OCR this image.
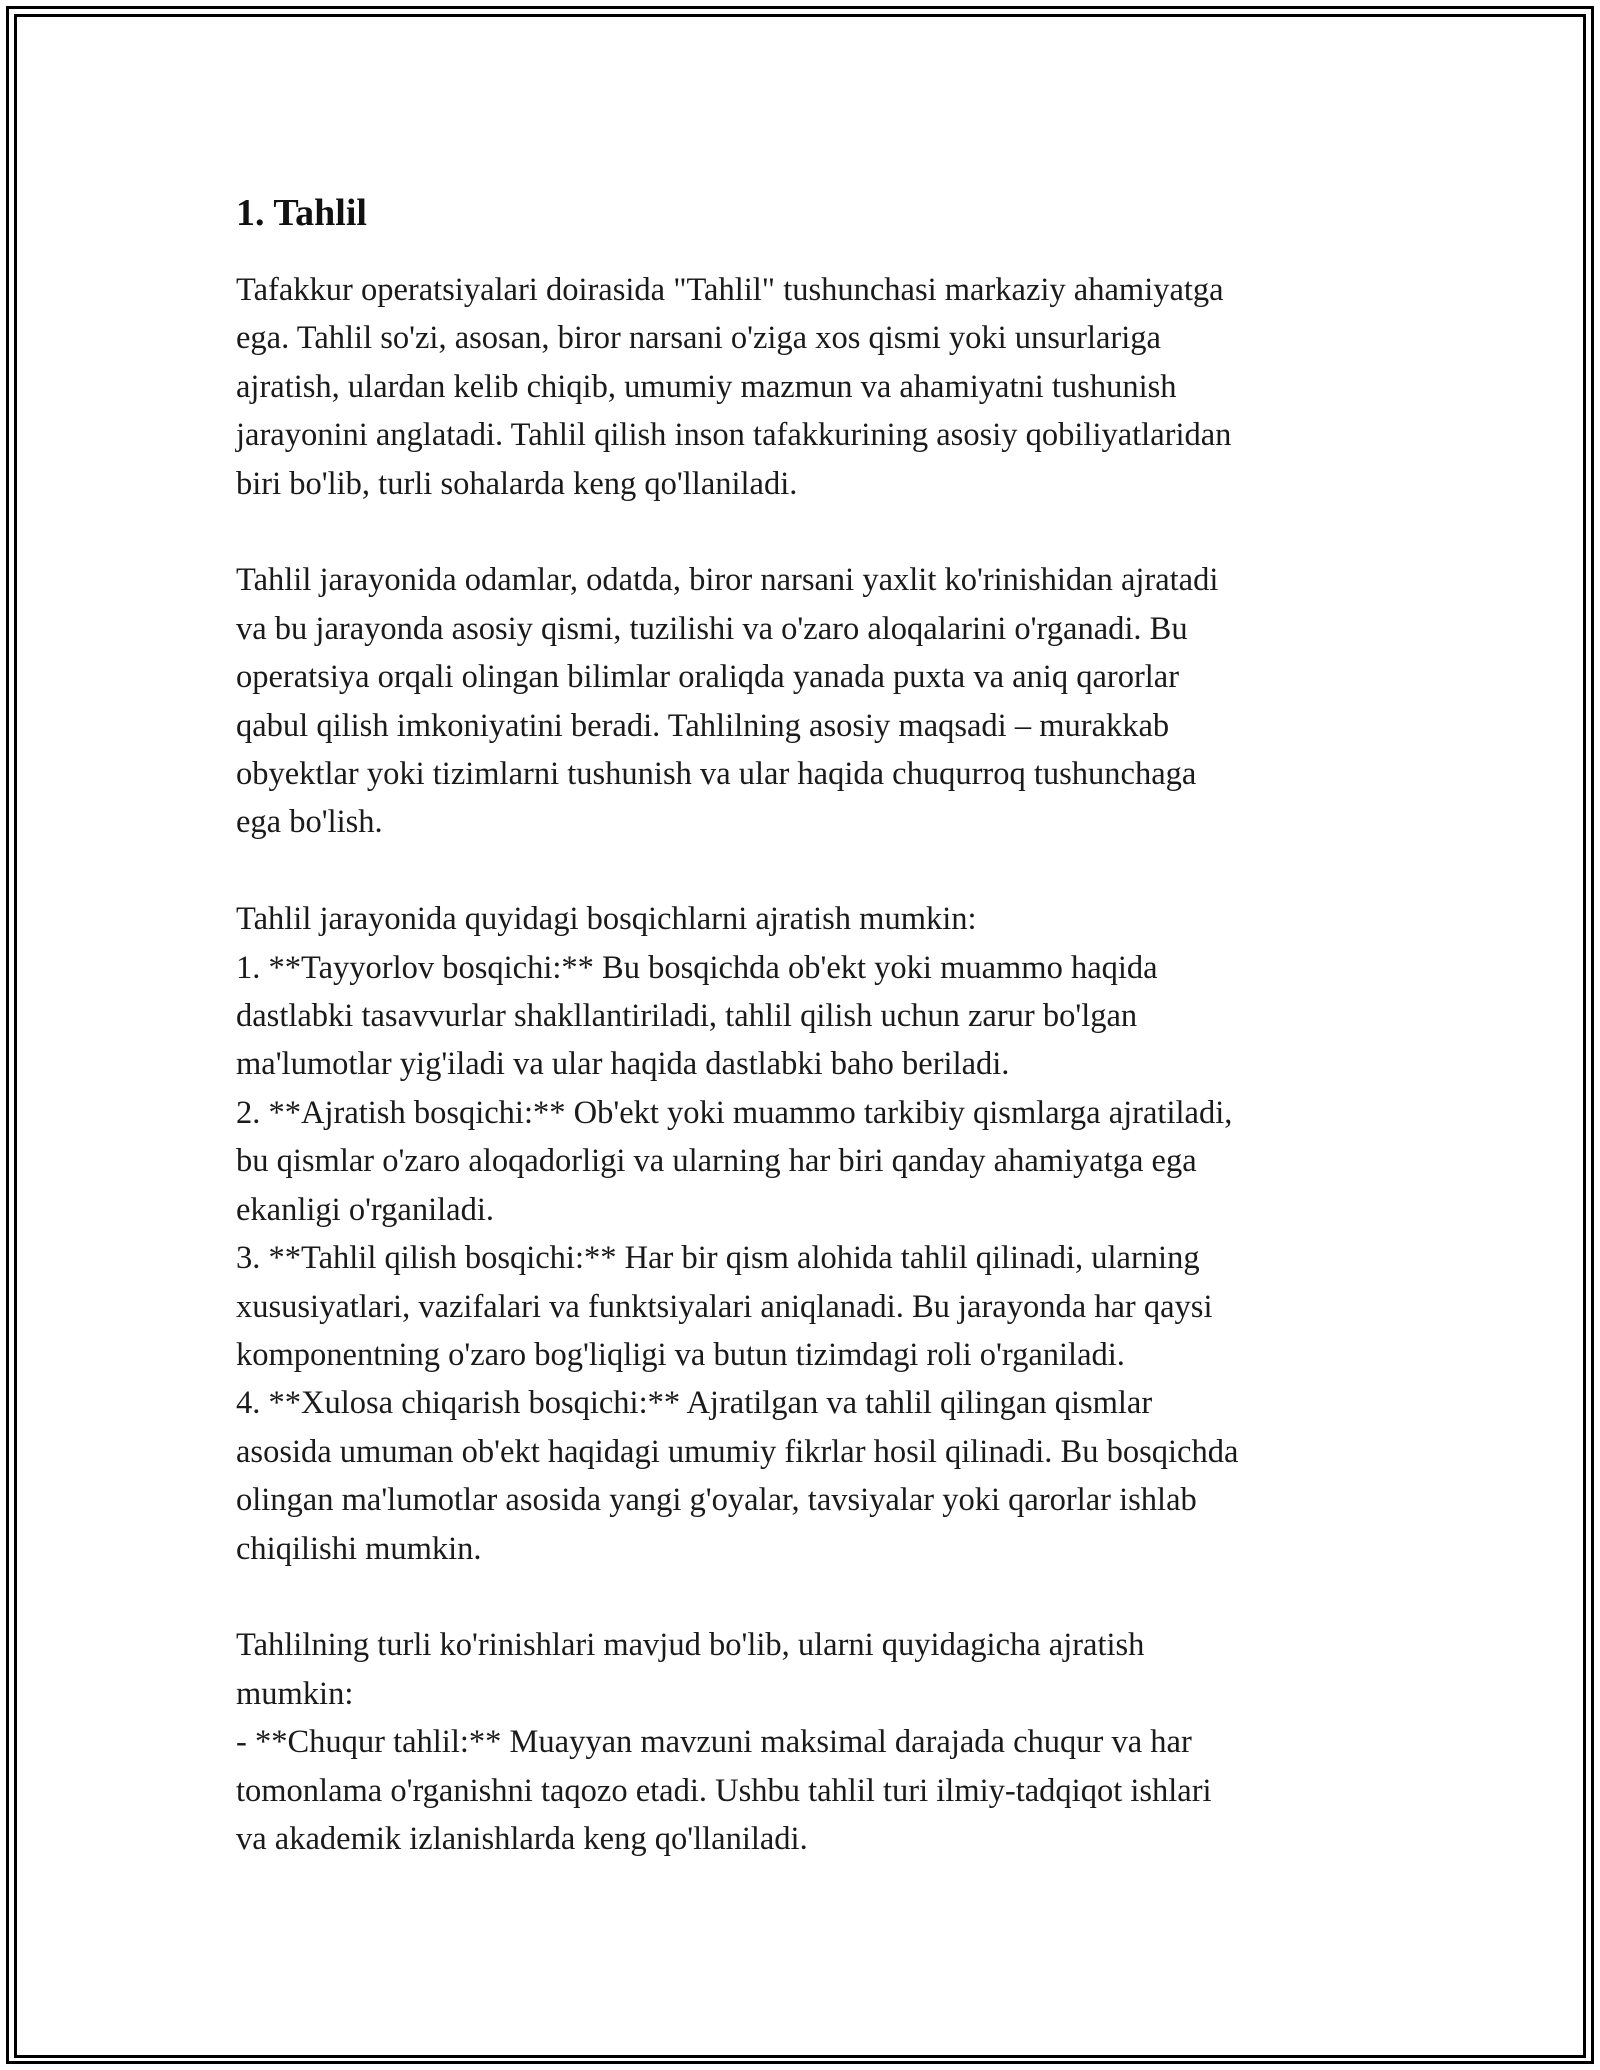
1. Tahlil

Tafakkur operatsiyalari doirasida "Tahlil" tushunchasi markaziy ahamiyatga
ega. Tahlil so'zi, asosan, biror narsani o'ziga xos qismi yoki unsurlariga
ajratish, ulardan kelib chiqib, umumiy mazmun va ahamiyatni tushunish
jarayonini anglatadi. Tahlil qilish inson tafakkurining asosiy qobiliyatlaridan
biri bo'lib, turli sohalarda keng qo'llaniladi.

Tahlil jarayonida odamlar, odatda, biror narsani yaxlit ko'rinishidan ajratadi
va bu jarayonda asosiy qismi, tuzilishi va o'zaro aloqalarini o'rganadi. Bu
operatsiya orqali olingan bilimlar oraliqda yanada puxta va aniq qarorlar
qabul qilish imkoniyatini beradi. Tahlilning asosiy maqsadi – murakkab
obyektlar yoki tizimlarni tushunish va ular haqida chuqurroq tushunchaga
ega bo'lish.

Tahlil jarayonida quyidagi bosqichlarni ajratish mumkin:
1. **Tayyorlov bosqichi:** Bu bosqichda ob'ekt yoki muammo haqida
dastlabki tasavvurlar shakllantiriladi, tahlil qilish uchun zarur bo'lgan
ma'lumotlar yig'iladi va ular haqida dastlabki baho beriladi.
2. **Ajratish bosqichi:** Ob'ekt yoki muammo tarkibiy qismlarga ajratiladi,
bu qismlar o'zaro aloqadorligi va ularning har biri qanday ahamiyatga ega
ekanligi o'rganiladi.
3. **Tahlil qilish bosqichi:** Har bir qism alohida tahlil qilinadi, ularning
xususiyatlari, vazifalari va funktsiyalari aniqlanadi. Bu jarayonda har qaysi
komponentning o'zaro bog'liqligi va butun tizimdagi roli o'rganiladi.
4. **Xulosa chiqarish bosqichi:** Ajratilgan va tahlil qilingan qismlar
asosida umuman ob'ekt haqidagi umumiy fikrlar hosil qilinadi. Bu bosqichda
olingan ma'lumotlar asosida yangi g'oyalar, tavsiyalar yoki qarorlar ishlab
chiqilishi mumkin.

Tahlilning turli ko'rinishlari mavjud bo'lib, ularni quyidagicha ajratish
mumkin:
- **Chuqur tahlil:** Muayyan mavzuni maksimal darajada chuqur va har
tomonlama o'rganishni taqozo etadi. Ushbu tahlil turi ilmiy-tadqiqot ishlari
va akademik izlanishlarda keng qo'llaniladi.
